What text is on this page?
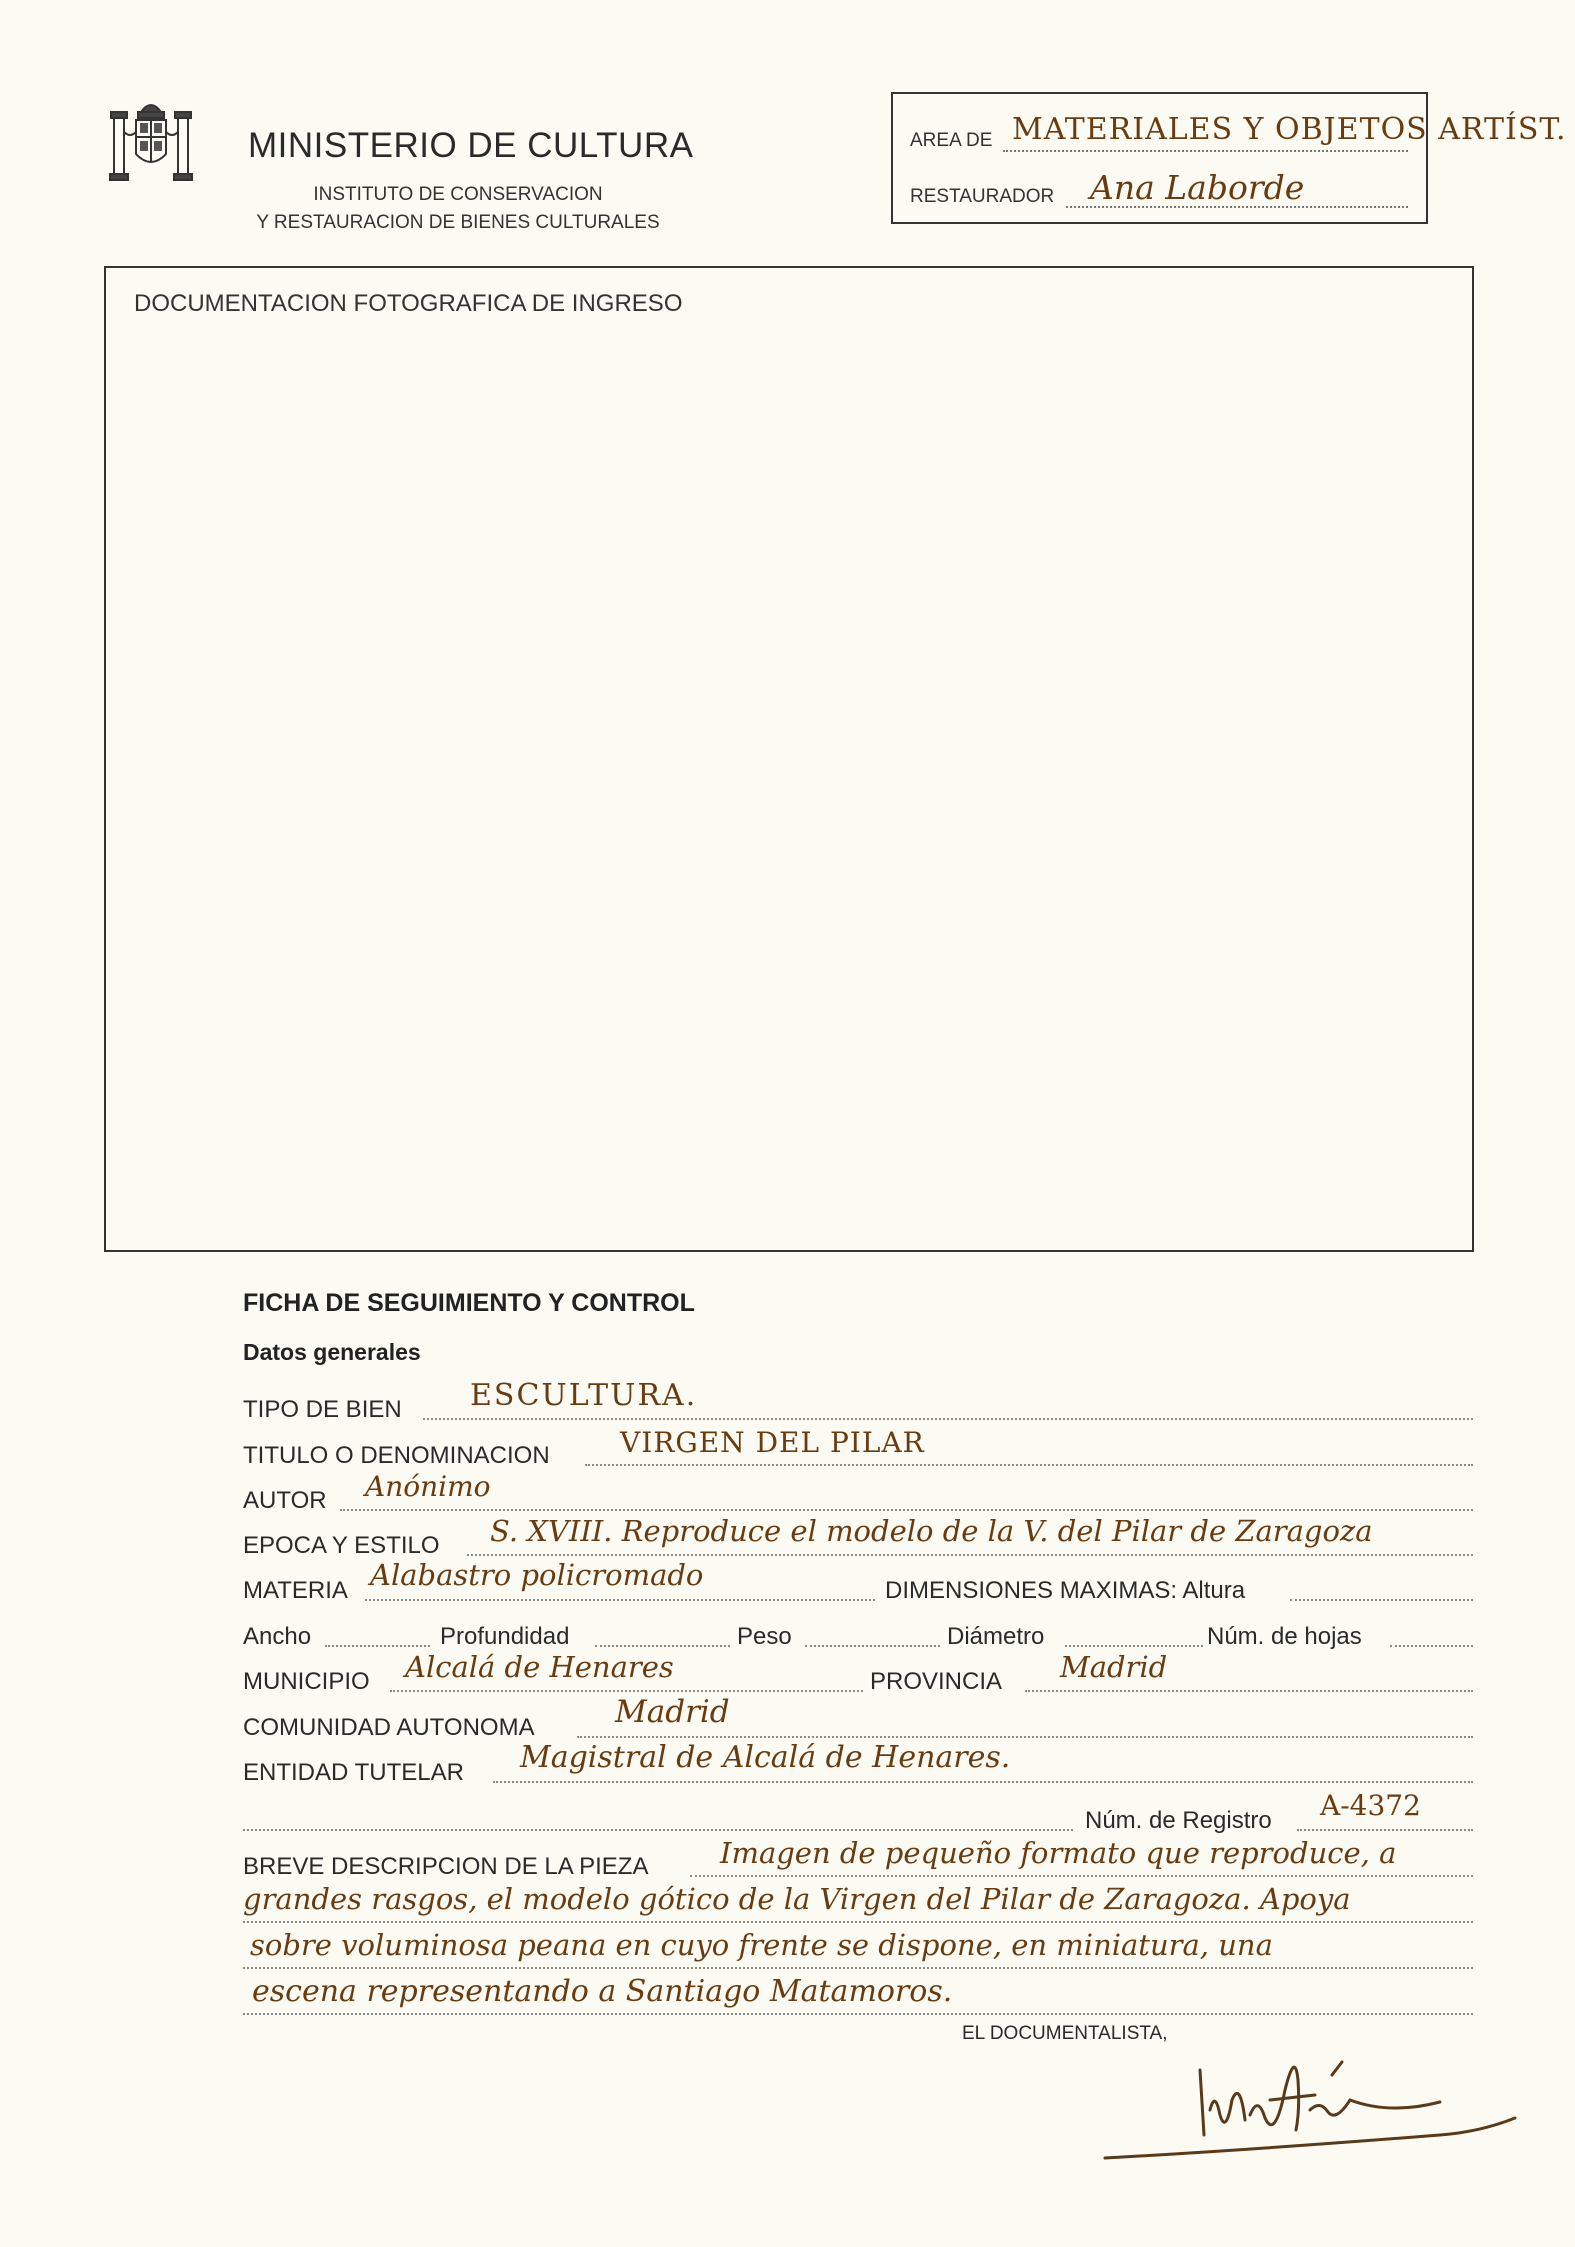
MINISTERIO DE CULTURA
INSTITUTO DE CONSERVACION
Y RESTAURACION DE BIENES CULTURALES
AREA DE MATERIALES Y OBJETOS ARTÍST.
RESTAURADOR Ana Laborde
DOCUMENTACION FOTOGRAFICA DE INGRESO
FICHA DE SEGUIMIENTO Y CONTROL
Datos generales
TIPO DE BIEN ESCULTURA.
TITULO O DENOMINACION	VIRGEN DEL PILAR
AUTOR Anónimo
EPOCA Y ESTILO S. XVIII. Reproduce el modelo de la V. del Pilar de Zaragoza
MATERIA Alabastro policromado	DIMENSIONES MAXIMAS: Altura
Ancho	Profundidad	Peso	Diámetro	Núm. de hojas
MUNICIPIO Alcalá de Henares	PROVINCIA Madrid
COMUNIDAD AUTONOMA	Madrid
ENTIDAD TUTELAR Magistral de Alcalá de Henares.
Núm. de Registro A-4372
BREVE DESCRIPCION DE LA PIEZA Imagen de pequeño formato que reproduce, a
grandes rasgos, el modelo gótico de la Virgen del Pilar de Zaragoza. Apoya
sobre voluminosa peana en cuyo frente se dispone, en miniatura, una
escena representando a Santiago Matamoros.
EL DOCUMENTALISTA,
